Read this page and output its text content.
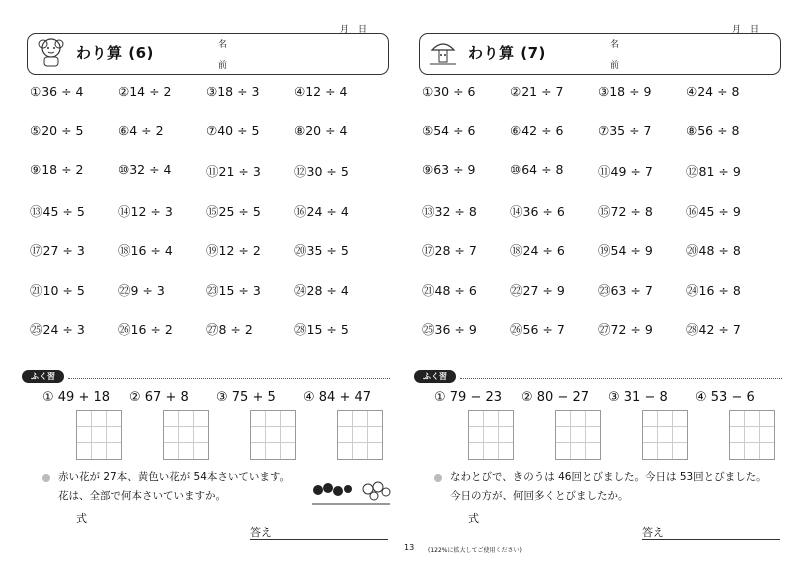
月　日
わり算 (6)	名
前
①36 ÷ 4	②14 ÷ 2	③18 ÷ 3	④12 ÷ 4
⑤20 ÷ 5	⑥4 ÷ 2	⑦40 ÷ 5	⑧20 ÷ 4
⑨18 ÷ 2	⑩32 ÷ 4	⑪21 ÷ 3	⑫30 ÷ 5
⑬45 ÷ 5	⑭12 ÷ 3	⑮25 ÷ 5	⑯24 ÷ 4
⑰27 ÷ 3	⑱16 ÷ 4	⑲12 ÷ 2	⑳35 ÷ 5
㉑10 ÷ 5	㉒9 ÷ 3	㉓15 ÷ 3	㉔28 ÷ 4
㉕24 ÷ 3	㉖16 ÷ 2	㉗8 ÷ 2	㉘15 ÷ 5
ふく習
① 49 + 18 ② 67 + 8 ③ 75 + 5 ④ 84 + 47
赤い花が 27本、黄色い花が 54本さいています。
花は、全部で何本さいていますか。
式
答え
月　日
わり算 (7)	名
前
①30 ÷ 6	②21 ÷ 7	③18 ÷ 9	④24 ÷ 8
⑤54 ÷ 6	⑥42 ÷ 6	⑦35 ÷ 7	⑧56 ÷ 8
⑨63 ÷ 9	⑩64 ÷ 8	⑪49 ÷ 7	⑫81 ÷ 9
⑬32 ÷ 8	⑭36 ÷ 6	⑮72 ÷ 8	⑯45 ÷ 9
⑰28 ÷ 7	⑱24 ÷ 6	⑲54 ÷ 9	⑳48 ÷ 8
㉑48 ÷ 6	㉒27 ÷ 9	㉓63 ÷ 7	㉔16 ÷ 8
㉕36 ÷ 9	㉖56 ÷ 7	㉗72 ÷ 9	㉘42 ÷ 7
ふく習
① 79 − 23 ② 80 − 27 ③ 31 − 8 ④ 53 − 6
なわとびで、きのうは 46回とびました。今日は 53回とびました。
今日の方が、何回多くとびましたか。
式
答え
13 (122%に拡大してご使用ください)
